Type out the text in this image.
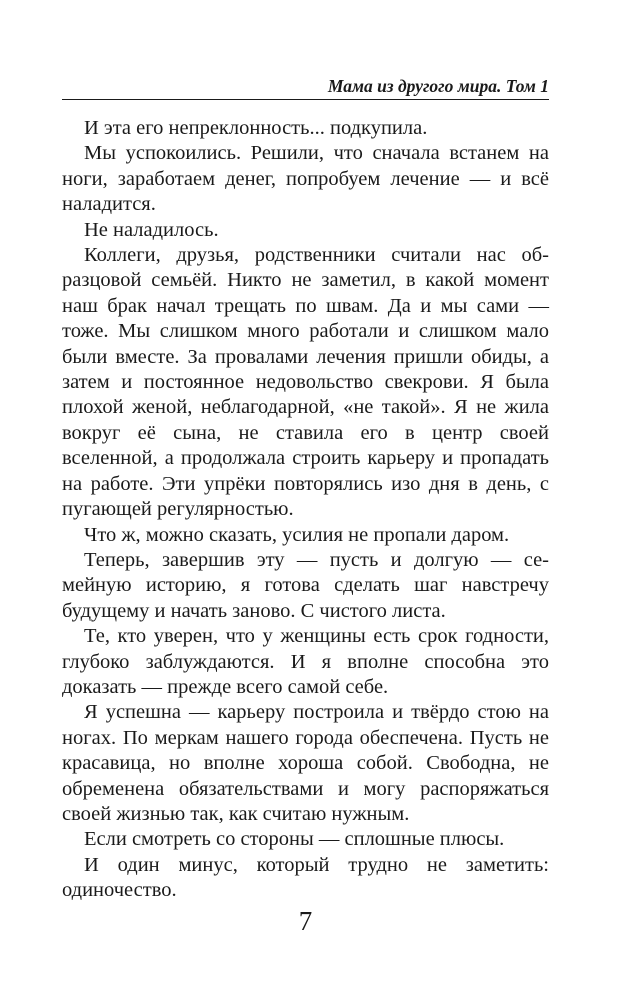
Мама из другого мира. Том 1

И эта его непреклонность... подкупила.

Мы успокоились. Решили, что сначала встанем на ноги, заработаем денег, попробуем лечение — и всё наладится.

Не наладилось.

Коллеги, друзья, родственники считали нас образцовой семьёй. Никто не заметил, в какой момент наш брак начал трещать по швам. Да и мы сами — тоже. Мы слишком много работали и слишком мало были вместе. За провалами лечения пришли обиды, а затем и постоянное недовольство свекрови. Я была плохой женой, неблагодарной, «не такой». Я не жила вокруг её сына, не ставила его в центр своей вселенной, а продолжала строить карьеру и пропадать на работе. Эти упрёки повторялись изо дня в день, с пугающей регулярностью.

Что ж, можно сказать, усилия не пропали даром.

Теперь, завершив эту — пусть и долгую — семейную историю, я готова сделать шаг навстречу будущему и начать заново. С чистого листа.

Те, кто уверен, что у женщины есть срок годности, глубоко заблуждаются. И я вполне способна это доказать — прежде всего самой себе.

Я успешна — карьеру построила и твёрдо стою на ногах. По меркам нашего города обеспечена. Пусть не красавица, но вполне хороша собой. Свободна, не обременена обязательствами и могу распоряжаться своей жизнью так, как считаю нужным.

Если смотреть со стороны — сплошные плюсы.

И один минус, который трудно не заметить: одиночество.

7
